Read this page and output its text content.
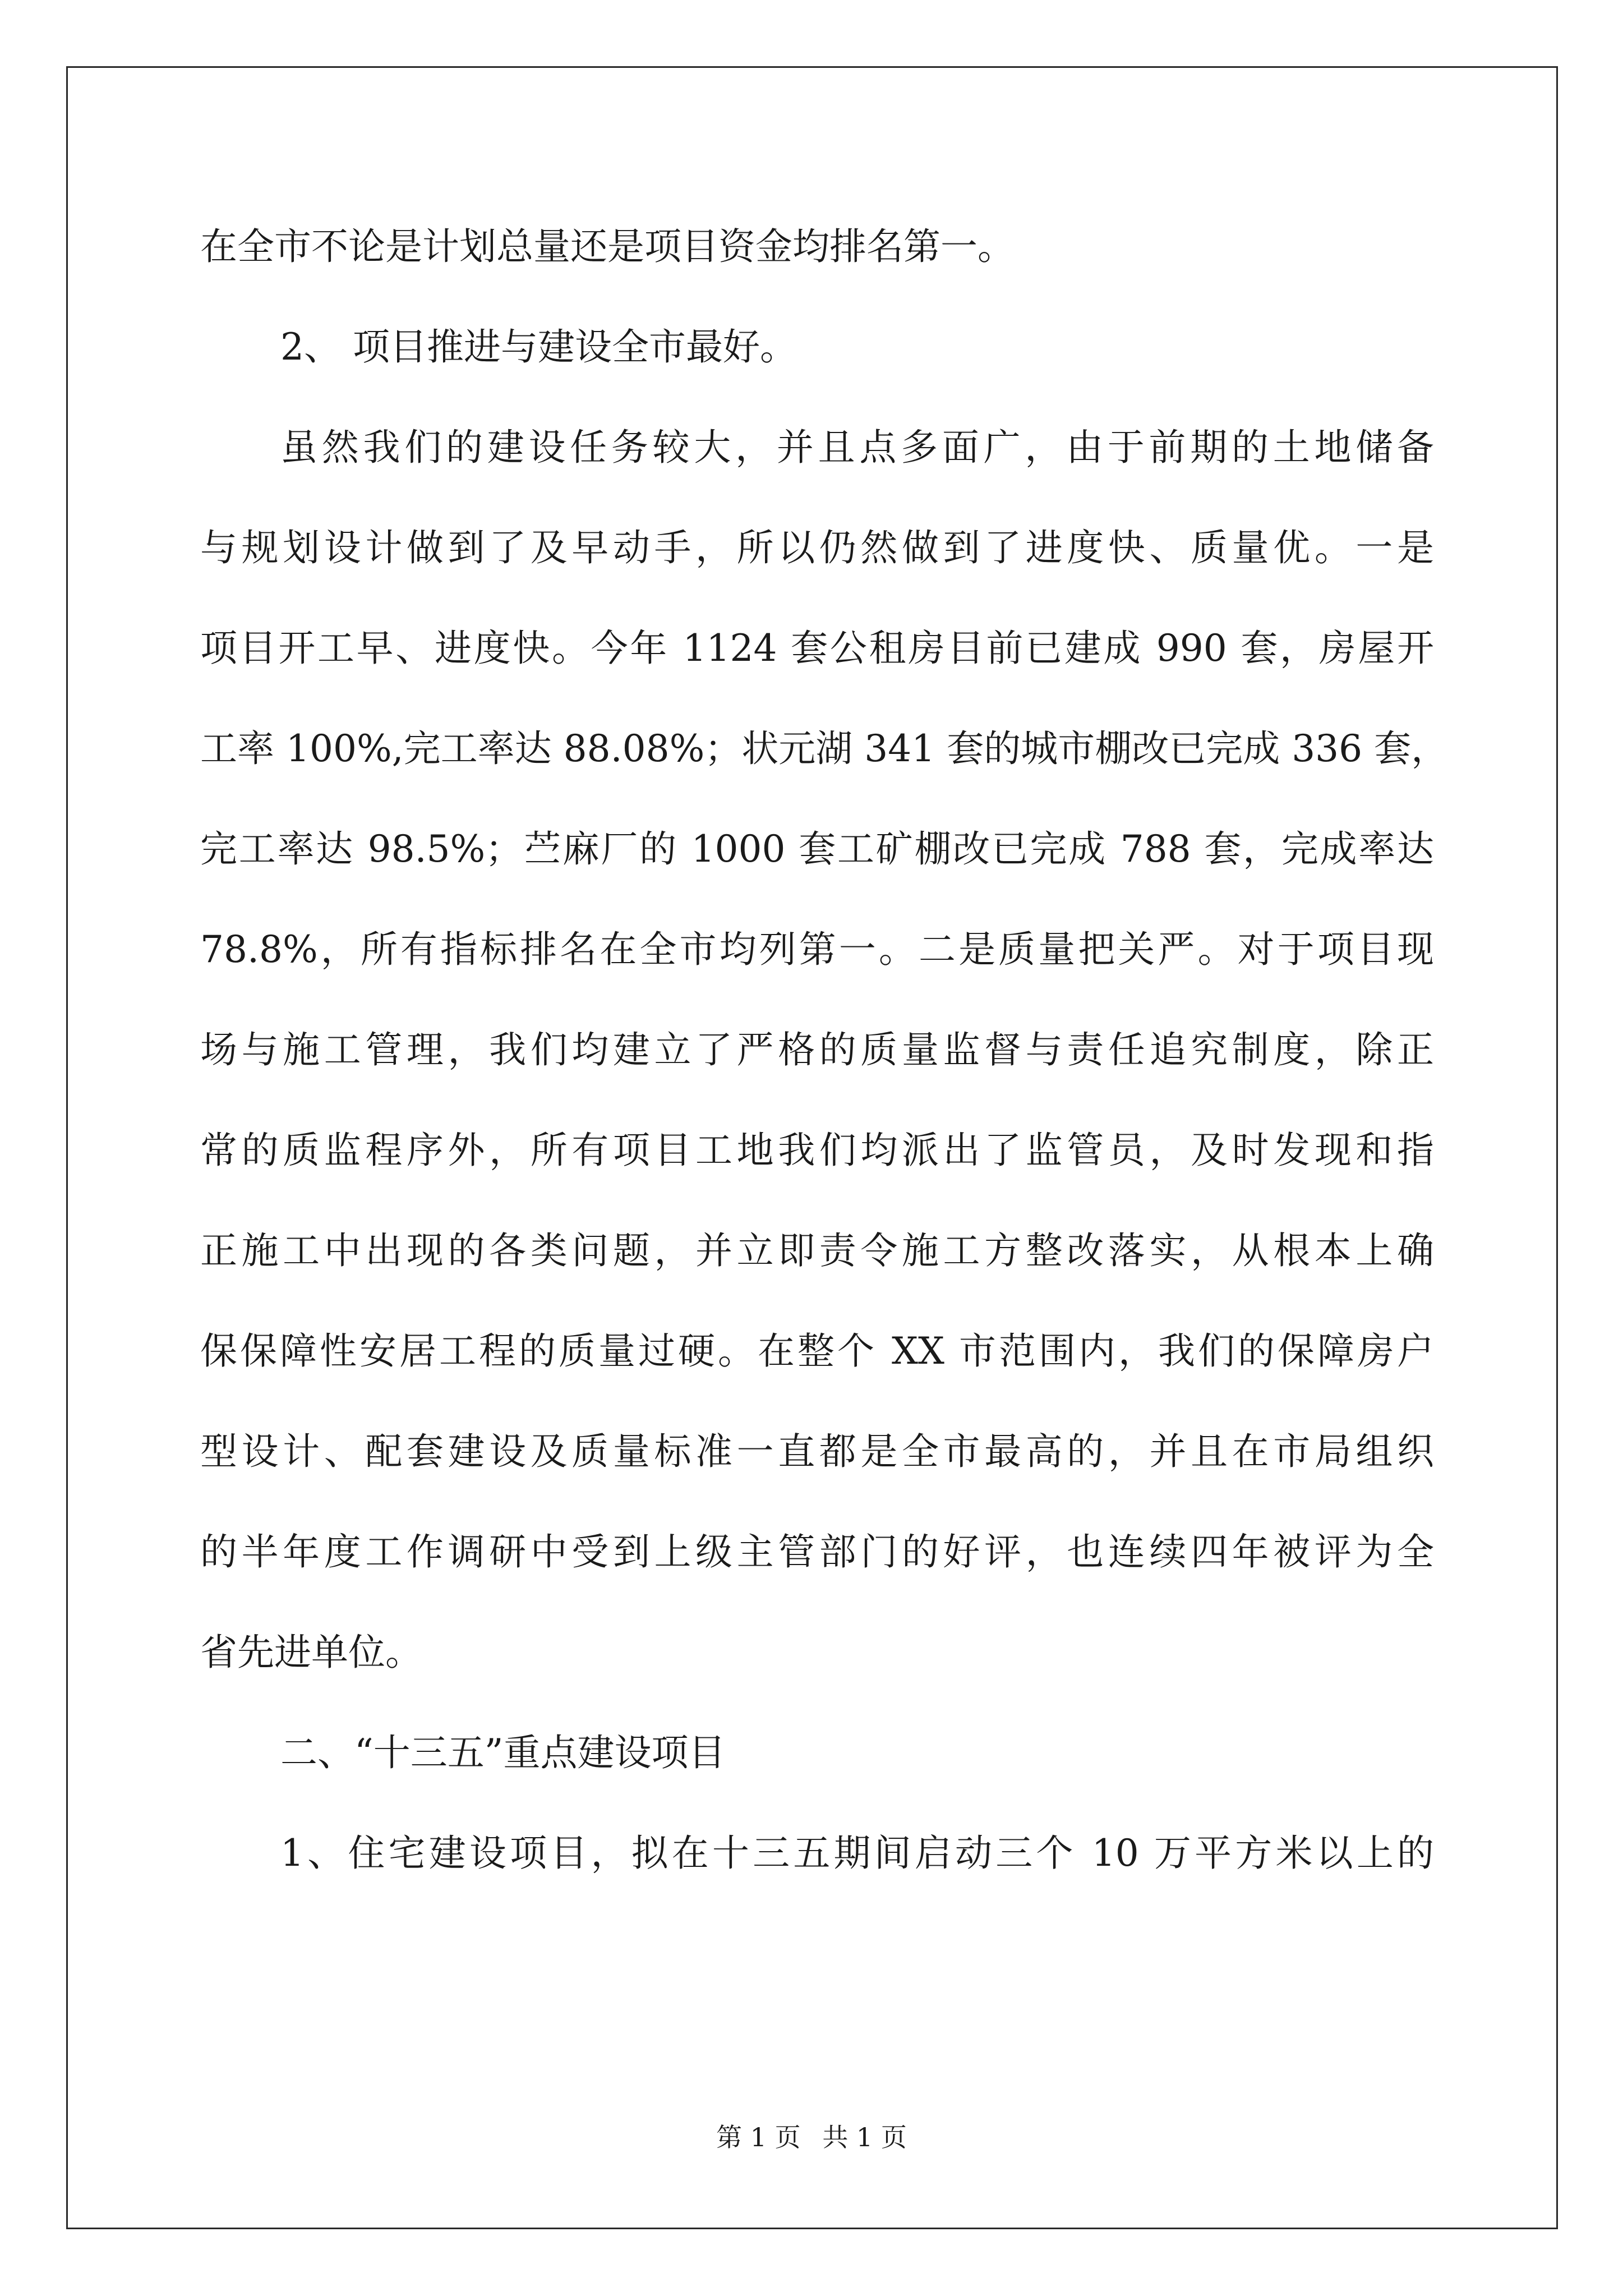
在全市不论是计划总量还是项目资金均排名第一。

2、 项目推进与建设全市最好。

虽然我们的建设任务较大，并且点多面广，由于前期的土地储备

与规划设计做到了及早动手，所以仍然做到了进度快、质量优。一是

项目开工早、进度快。今年 1124 套公租房目前已建成 990 套，房屋开

工率 100%,完工率达 88.08%；状元湖 341 套的城市棚改已完成 336 套，

完工率达 98.5%；苎麻厂的 1000 套工矿棚改已完成 788 套，完成率达

78.8%，所有指标排名在全市均列第一。二是质量把关严。对于项目现

场与施工管理，我们均建立了严格的质量监督与责任追究制度，除正

常的质监程序外，所有项目工地我们均派出了监管员，及时发现和指

正施工中出现的各类问题，并立即责令施工方整改落实，从根本上确

保保障性安居工程的质量过硬。在整个 XX 市范围内，我们的保障房户

型设计、配套建设及质量标准一直都是全市最高的，并且在市局组织

的半年度工作调研中受到上级主管部门的好评，也连续四年被评为全

省先进单位。

二、“十三五”重点建设项目

1、住宅建设项目，拟在十三五期间启动三个 10 万平方米以上的

第 1 页 共 1 页
